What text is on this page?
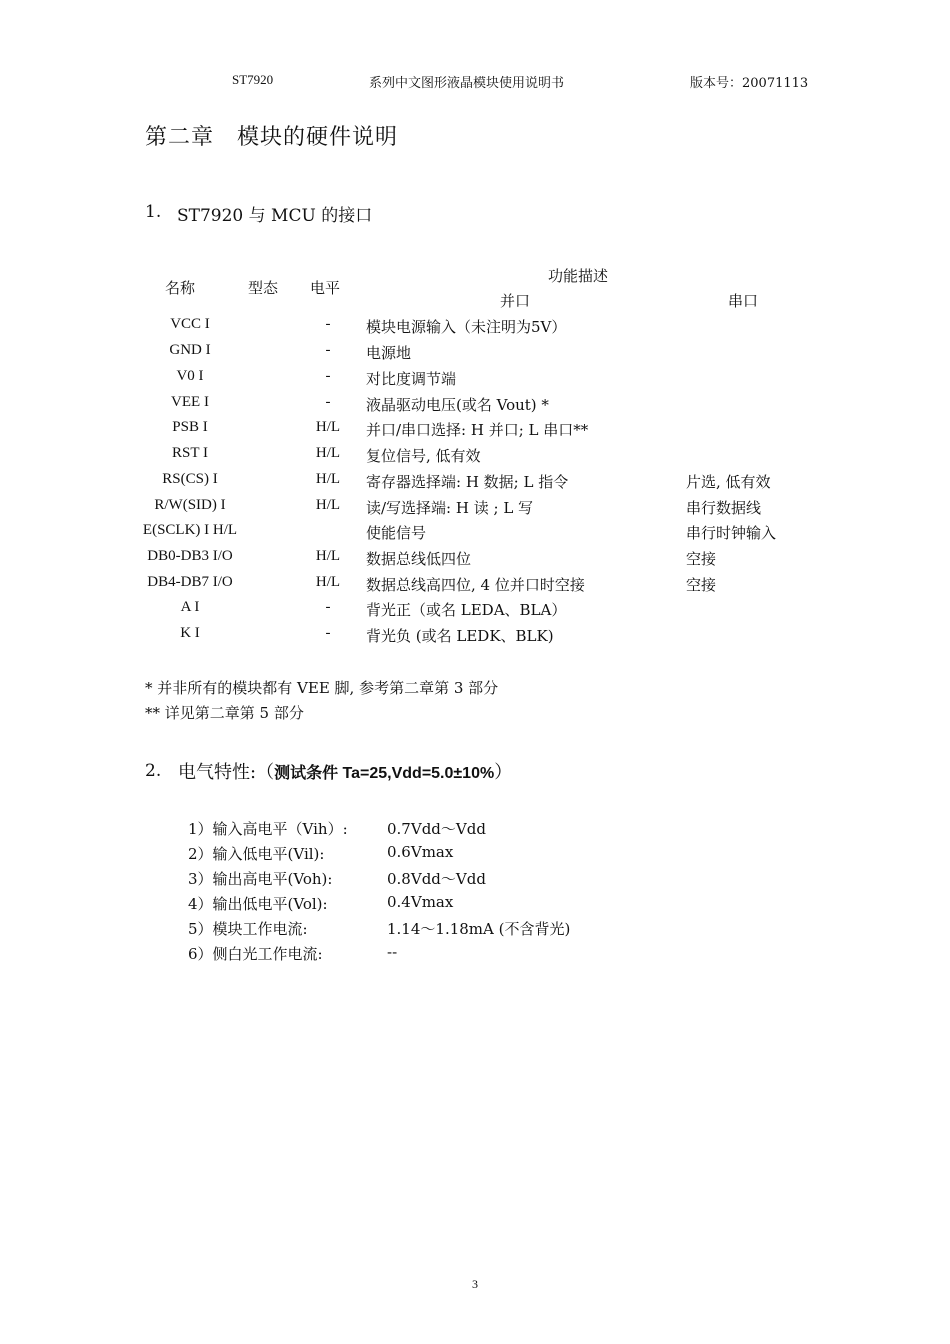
ST7920	系列中文图形液晶模块使用说明书	版本号：20071113
第二章　模块的硬件说明
1. ST7920 与 MCU 的接口
名称	型态 电平
功能描述
并口	串口
VCC I	-	模块电源输入（未注明为5V）
GND I	-	电源地
V0 I	-	对比度调节端
VEE I	-	液晶驱动电压(或名 Vout) *
PSB I	H/L	并口/串口选择: H 并口; L 串口**
RST I	H/L	复位信号, 低有效
RS(CS) I	H/L	寄存器选择端: H 数据; L 指令	片选, 低有效
R/W(SID) I	H/L	读/写选择端: H 读 ; L 写	串行数据线
E(SCLK) I H/L	使能信号	串行时钟输入
DB0-DB3 I/O	H/L	数据总线低四位	空接
DB4-DB7 I/O	H/L	数据总线高四位, 4 位并口时空接	空接
A I	-	背光正（或名 LEDA、BLA）
K I	-	背光负 (或名 LEDK、BLK)
* 并非所有的模块都有 VEE 脚, 参考第二章第 3 部分
** 详见第二章第 5 部分
2. 电气特性:（测试条件 Ta=25,Vdd=5.0±10%）
1）输入高电平（Vih）:	0.7Vdd～Vdd
2）输入低电平(Vil):	0.6Vmax
3）输出高电平(Voh):	0.8Vdd～Vdd
4）输出低电平(Vol):	0.4Vmax
5）模块工作电流:	1.14～1.18mA (不含背光)
6）侧白光工作电流:	--
3
